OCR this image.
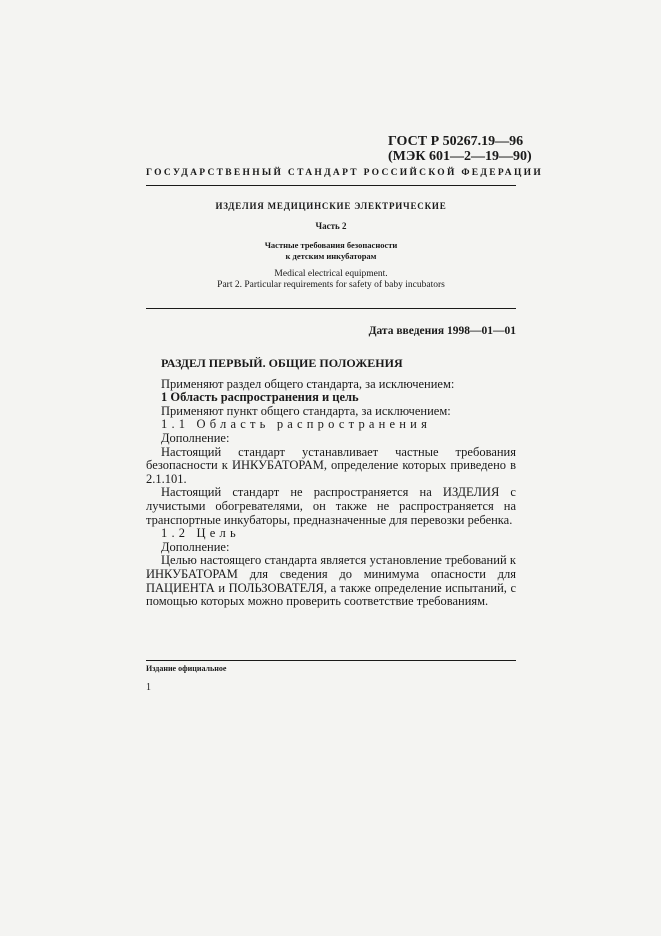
ГОСТ Р 50267.19—96
(МЭК 601—2—19—90)
ГОСУДАРСТВЕННЫЙ СТАНДАРТ РОССИЙСКОЙ ФЕДЕРАЦИИ
ИЗДЕЛИЯ МЕДИЦИНСКИЕ ЭЛЕКТРИЧЕСКИЕ
Часть 2
Частные требования безопасности
к детским инкубаторам
Medical electrical equipment.
Part 2. Particular requirements for safety of baby incubators
Дата введения 1998—01—01
РАЗДЕЛ ПЕРВЫЙ. ОБЩИЕ ПОЛОЖЕНИЯ
Применяют раздел общего стандарта, за исключением:
1 Область распространения и цель
Применяют пункт общего стандарта, за исключением:
1.1 Область распространения
Дополнение:

Настоящий стандарт устанавливает частные требования безопасности к ИНКУБАТОРАМ, определение которых приведено в 2.1.101.

Настоящий стандарт не распространяется на ИЗДЕЛИЯ с лучистыми обогревателями, он также не распространяется на транспортные инкубаторы, предназначенные для перевозки ребенка.

1.2 Цель
Дополнение:

Целью настоящего стандарта является установление требований к ИНКУБАТОРАМ для сведения до минимума опасности для ПАЦИЕНТА и ПОЛЬЗОВАТЕЛЯ, а также определение испытаний, с помощью которых можно проверить соответствие требованиям.

Издание официальное
1
